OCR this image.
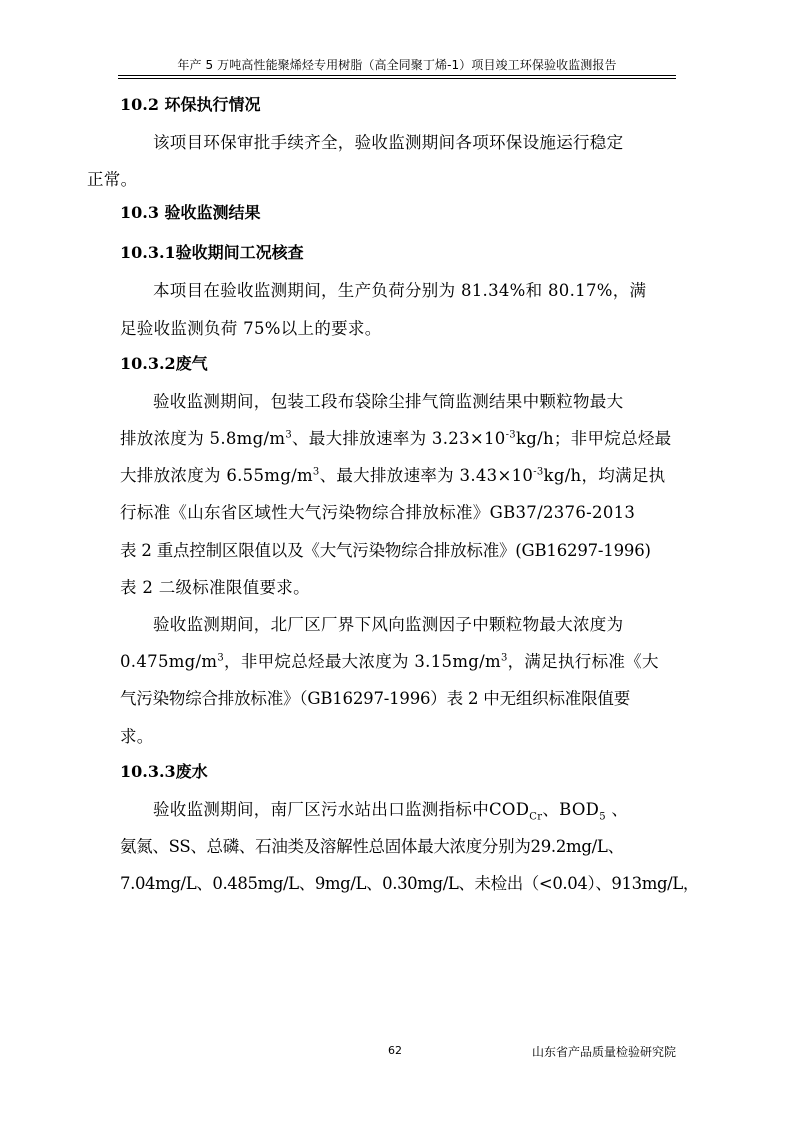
年产 5 万吨高性能聚烯烃专用树脂（高全同聚丁烯-1）项目竣工环保验收监测报告
10.2 环保执行情况

该项目环保审批手续齐全，验收监测期间各项环保设施运行稳定
正常。

10.3 验收监测结果
10.3.1验收期间工况核查

本项目在验收监测期间，生产负荷分别为 81.34%和 80.17%，满
足验收监测负荷 75%以上的要求。

10.3.2废气

验收监测期间，包装工段布袋除尘排气筒监测结果中颗粒物最大
排放浓度为 $5.8mg/m^3$、最大排放速率为 $3.23\times 10^{-3}kg/h$；非甲烷总烃最
大排放浓度为 $6.55mg/m^3$、最大排放速率为 $3.43\times 10^{-3}kg/h$，均满足执
行标准《山东省区域性大气污染物综合排放标准》GB37/2376-2013
表 2 重点控制区限值以及《大气污染物综合排放标准》(GB16297-1996)
表 2 二级标准限值要求。

验收监测期间，北厂区厂界下风向监测因子中颗粒物最大浓度为
$0.475mg/m^3$，非甲烷总烃最大浓度为 $3.15mg/m^3$，满足执行标准《大
气污染物综合排放标准》（GB16297-1996）表 2 中无组织标准限值要
求。

10.3.3废水

验收监测期间，南厂区污水站出口监测指标中$COD_{Cr}$、$BOD_5$ 、
氨氮、SS、总磷、石油类及溶解性总固体最大浓度分别为29.2mg/L、
7.04mg/L、0.485mg/L、9mg/L、0.30mg/L、未检出（<0.04）、913mg/L，

62	山东省产品质量检验研究院
